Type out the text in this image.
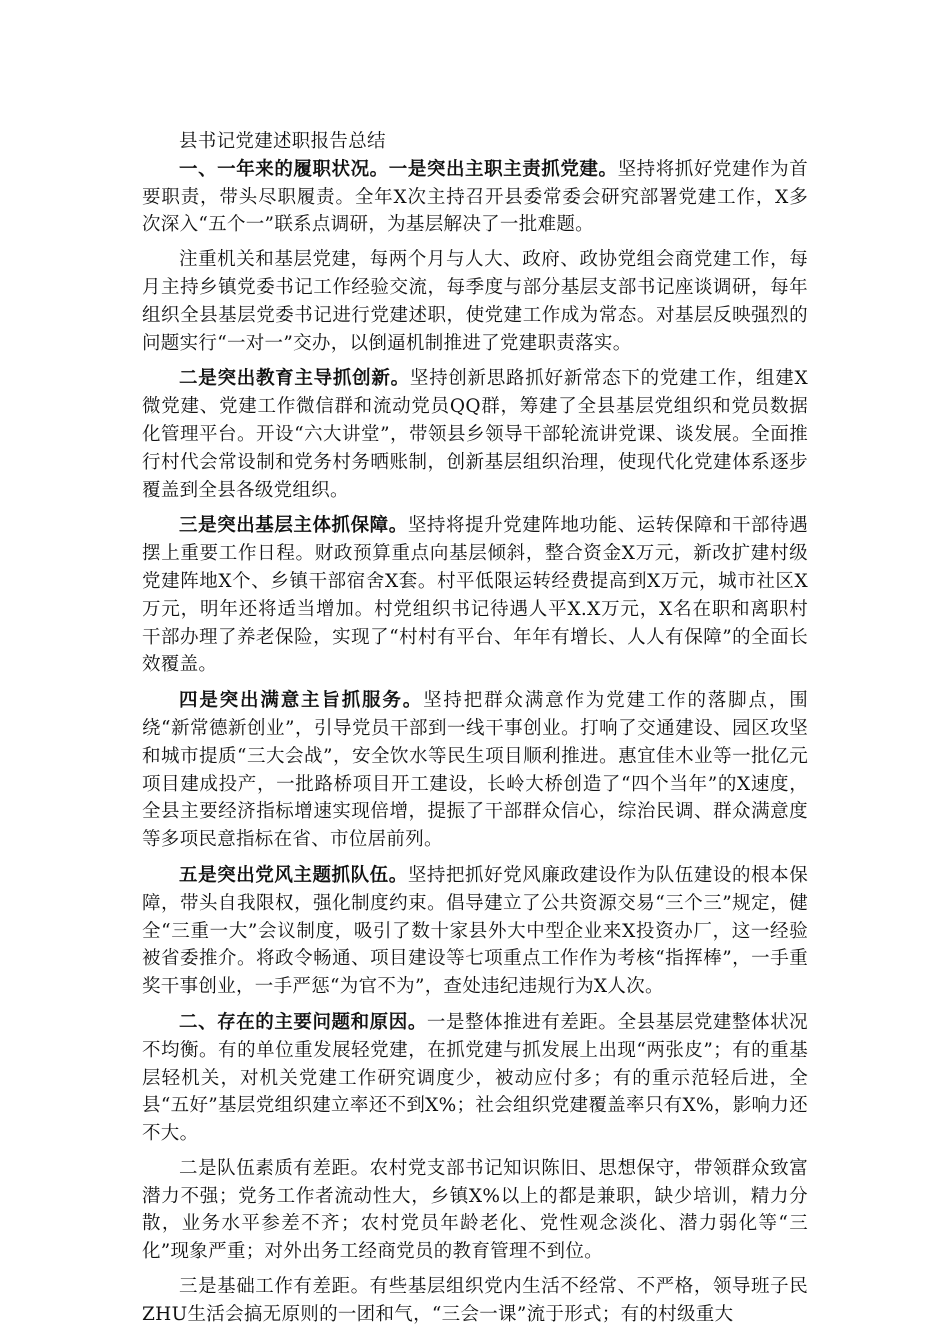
县书记党建述职报告总结

一、一年来的履职状况。一是突出主职主责抓党建。坚持将抓好党建作为首要职责，带头尽职履责。全年X次主持召开县委常委会研究部署党建工作，X多次深入“五个一”联系点调研，为基层解决了一批难题。

注重机关和基层党建，每两个月与人大、政府、政协党组会商党建工作，每月主持乡镇党委书记工作经验交流，每季度与部分基层支部书记座谈调研，每年组织全县基层党委书记进行党建述职，使党建工作成为常态。对基层反映强烈的问题实行“一对一”交办，以倒逼机制推进了党建职责落实。

二是突出教育主导抓创新。坚持创新思路抓好新常态下的党建工作，组建X微党建、党建工作微信群和流动党员QQ群，筹建了全县基层党组织和党员数据化管理平台。开设“六大讲堂”，带领县乡领导干部轮流讲党课、谈发展。全面推行村代会常设制和党务村务晒账制，创新基层组织治理，使现代化党建体系逐步覆盖到全县各级党组织。

三是突出基层主体抓保障。坚持将提升党建阵地功能、运转保障和干部待遇摆上重要工作日程。财政预算重点向基层倾斜，整合资金X万元，新改扩建村级党建阵地X个、乡镇干部宿舍X套。村平低限运转经费提高到X万元，城市社区X万元，明年还将适当增加。村党组织书记待遇人平X.X万元，X名在职和离职村干部办理了养老保险，实现了“村村有平台、年年有增长、人人有保障”的全面长效覆盖。

四是突出满意主旨抓服务。坚持把群众满意作为党建工作的落脚点，围绕“新常德新创业”，引导党员干部到一线干事创业。打响了交通建设、园区攻坚和城市提质“三大会战”，安全饮水等民生项目顺利推进。惠宜佳木业等一批亿元项目建成投产，一批路桥项目开工建设，长岭大桥创造了“四个当年”的X速度，全县主要经济指标增速实现倍增，提振了干部群众信心，综治民调、群众满意度等多项民意指标在省、市位居前列。

五是突出党风主题抓队伍。坚持把抓好党风廉政建设作为队伍建设的根本保障，带头自我限权，强化制度约束。倡导建立了公共资源交易“三个三”规定，健全“三重一大”会议制度，吸引了数十家县外大中型企业来X投资办厂，这一经验被省委推介。将政令畅通、项目建设等七项重点工作作为考核“指挥棒”，一手重奖干事创业，一手严惩“为官不为”，查处违纪违规行为X人次。

二、存在的主要问题和原因。一是整体推进有差距。全县基层党建整体状况不均衡。有的单位重发展轻党建，在抓党建与抓发展上出现“两张皮”；有的重基层轻机关，对机关党建工作研究调度少，被动应付多；有的重示范轻后进，全县“五好”基层党组织建立率还不到X%；社会组织党建覆盖率只有X%，影响力还不大。

二是队伍素质有差距。农村党支部书记知识陈旧、思想保守，带领群众致富潜力不强；党务工作者流动性大，乡镇X%以上的都是兼职，缺少培训，精力分散，业务水平参差不齐；农村党员年龄老化、党性观念淡化、潜力弱化等“三化”现象严重；对外出务工经商党员的教育管理不到位。

三是基础工作有差距。有些基层组织党内生活不经常、不严格，领导班子民ZHU生活会搞无原则的一团和气，“三会一课”流于形式；有的村级重大
